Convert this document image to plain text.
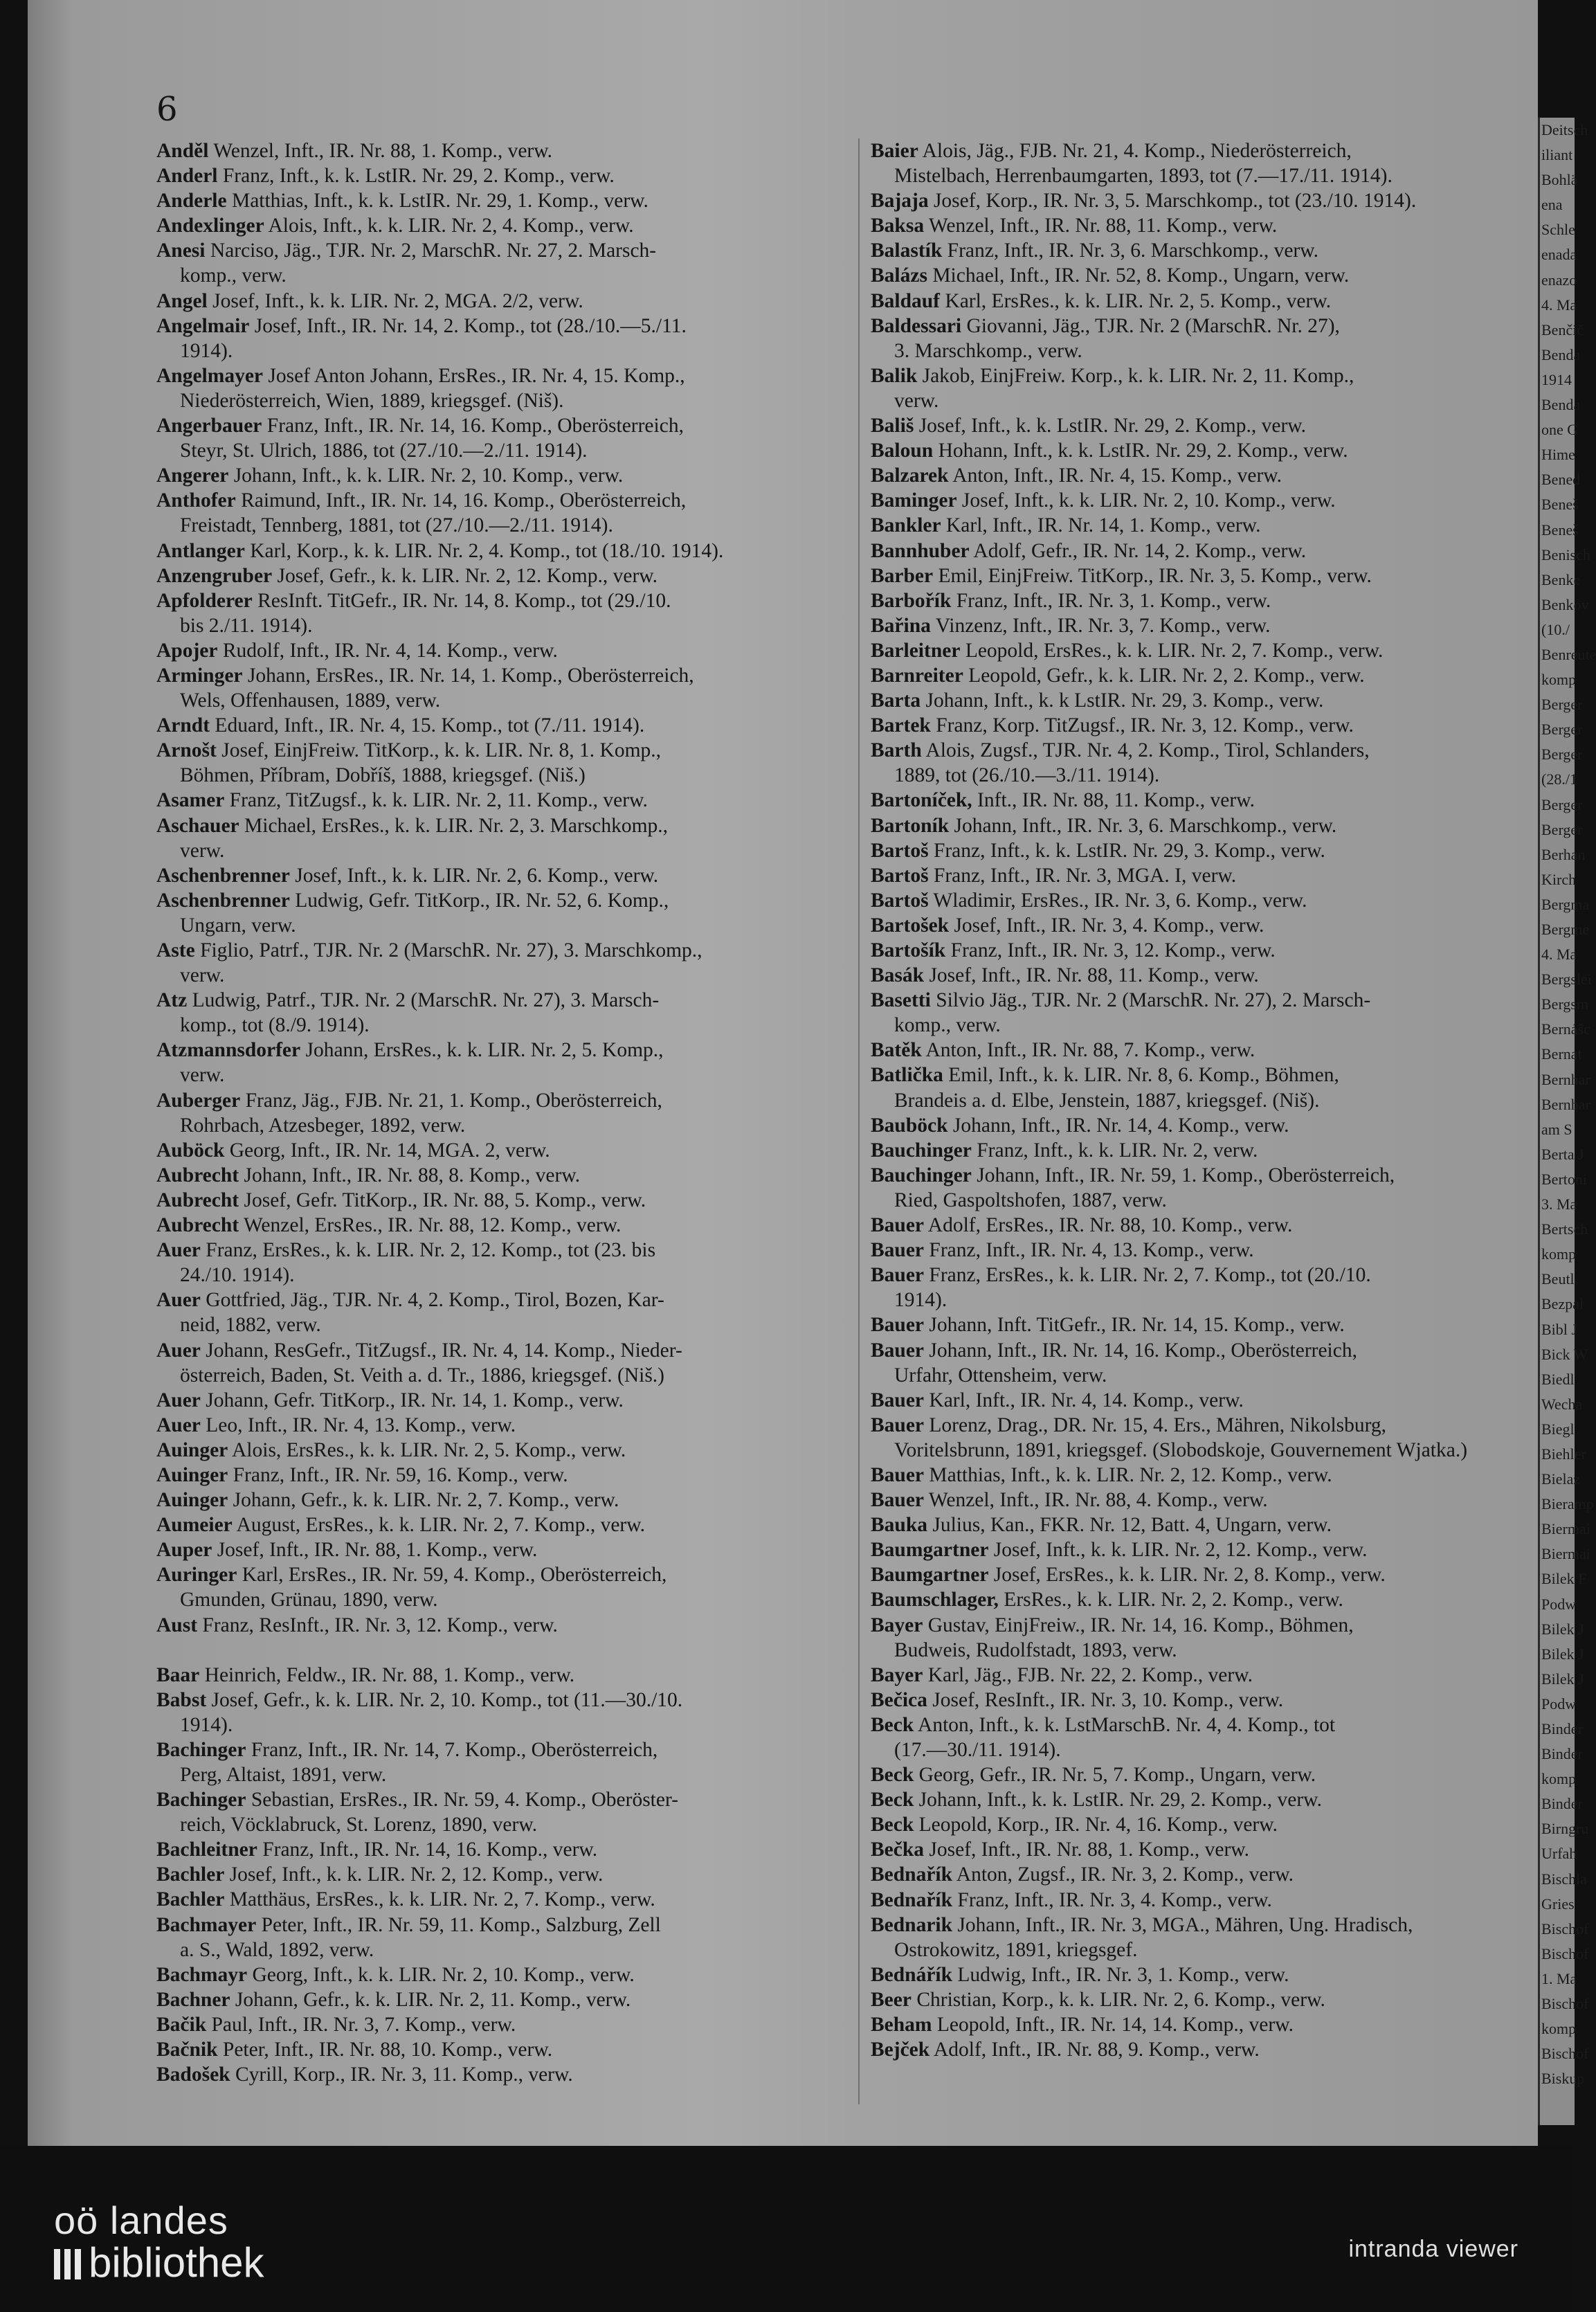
6
Anděl Wenzel, Inft., IR. Nr. 88, 1. Komp., verw.
Anderl Franz, Inft., k. k. LstIR. Nr. 29, 2. Komp., verw.
Anderle Matthias, Inft., k. k. LstIR. Nr. 29, 1. Komp., verw.
Andexlinger Alois, Inft., k. k. LIR. Nr. 2, 4. Komp., verw.
Anesi Narciso, Jäg., TJR. Nr. 2, MarschR. Nr. 27, 2. Marsch-
komp., verw.
Angel Josef, Inft., k. k. LIR. Nr. 2, MGA. 2/2, verw.
Angelmair Josef, Inft., IR. Nr. 14, 2. Komp., tot (28./10.—5./11.
1914).
Angelmayer Josef Anton Johann, ErsRes., IR. Nr. 4, 15. Komp.,
Niederösterreich, Wien, 1889, kriegsgef. (Niš).
Angerbauer Franz, Inft., IR. Nr. 14, 16. Komp., Oberösterreich,
Steyr, St. Ulrich, 1886, tot (27./10.—2./11. 1914).
Angerer Johann, Inft., k. k. LIR. Nr. 2, 10. Komp., verw.
Anthofer Raimund, Inft., IR. Nr. 14, 16. Komp., Oberösterreich,
Freistadt, Tennberg, 1881, tot (27./10.—2./11. 1914).
Antlanger Karl, Korp., k. k. LIR. Nr. 2, 4. Komp., tot (18./10. 1914).
Anzengruber Josef, Gefr., k. k. LIR. Nr. 2, 12. Komp., verw.
Apfolderer ResInft. TitGefr., IR. Nr. 14, 8. Komp., tot (29./10.
bis 2./11. 1914).
Apojer Rudolf, Inft., IR. Nr. 4, 14. Komp., verw.
Arminger Johann, ErsRes., IR. Nr. 14, 1. Komp., Oberösterreich,
Wels, Offenhausen, 1889, verw.
Arndt Eduard, Inft., IR. Nr. 4, 15. Komp., tot (7./11. 1914).
Arnošt Josef, EinjFreiw. TitKorp., k. k. LIR. Nr. 8, 1. Komp.,
Böhmen, Příbram, Dobříš, 1888, kriegsgef. (Niš.)
Asamer Franz, TitZugsf., k. k. LIR. Nr. 2, 11. Komp., verw.
Aschauer Michael, ErsRes., k. k. LIR. Nr. 2, 3. Marschkomp.,
verw.
Aschenbrenner Josef, Inft., k. k. LIR. Nr. 2, 6. Komp., verw.
Aschenbrenner Ludwig, Gefr. TitKorp., IR. Nr. 52, 6. Komp.,
Ungarn, verw.
Aste Figlio, Patrf., TJR. Nr. 2 (MarschR. Nr. 27), 3. Marschkomp.,
verw.
Atz Ludwig, Patrf., TJR. Nr. 2 (MarschR. Nr. 27), 3. Marsch-
komp., tot (8./9. 1914).
Atzmannsdorfer Johann, ErsRes., k. k. LIR. Nr. 2, 5. Komp.,
verw.
Auberger Franz, Jäg., FJB. Nr. 21, 1. Komp., Oberösterreich,
Rohrbach, Atzesbeger, 1892, verw.
Auböck Georg, Inft., IR. Nr. 14, MGA. 2, verw.
Aubrecht Johann, Inft., IR. Nr. 88, 8. Komp., verw.
Aubrecht Josef, Gefr. TitKorp., IR. Nr. 88, 5. Komp., verw.
Aubrecht Wenzel, ErsRes., IR. Nr. 88, 12. Komp., verw.
Auer Franz, ErsRes., k. k. LIR. Nr. 2, 12. Komp., tot (23. bis
24./10. 1914).
Auer Gottfried, Jäg., TJR. Nr. 4, 2. Komp., Tirol, Bozen, Kar-
neid, 1882, verw.
Auer Johann, ResGefr., TitZugsf., IR. Nr. 4, 14. Komp., Nieder-
österreich, Baden, St. Veith a. d. Tr., 1886, kriegsgef. (Niš.)
Auer Johann, Gefr. TitKorp., IR. Nr. 14, 1. Komp., verw.
Auer Leo, Inft., IR. Nr. 4, 13. Komp., verw.
Auinger Alois, ErsRes., k. k. LIR. Nr. 2, 5. Komp., verw.
Auinger Franz, Inft., IR. Nr. 59, 16. Komp., verw.
Auinger Johann, Gefr., k. k. LIR. Nr. 2, 7. Komp., verw.
Aumeier August, ErsRes., k. k. LIR. Nr. 2, 7. Komp., verw.
Auper Josef, Inft., IR. Nr. 88, 1. Komp., verw.
Auringer Karl, ErsRes., IR. Nr. 59, 4. Komp., Oberösterreich,
Gmunden, Grünau, 1890, verw.
Aust Franz, ResInft., IR. Nr. 3, 12. Komp., verw.
Baar Heinrich, Feldw., IR. Nr. 88, 1. Komp., verw.
Babst Josef, Gefr., k. k. LIR. Nr. 2, 10. Komp., tot (11.—30./10.
1914).
Bachinger Franz, Inft., IR. Nr. 14, 7. Komp., Oberösterreich,
Perg, Altaist, 1891, verw.
Bachinger Sebastian, ErsRes., IR. Nr. 59, 4. Komp., Oberöster-
reich, Vöcklabruck, St. Lorenz, 1890, verw.
Bachleitner Franz, Inft., IR. Nr. 14, 16. Komp., verw.
Bachler Josef, Inft., k. k. LIR. Nr. 2, 12. Komp., verw.
Bachler Matthäus, ErsRes., k. k. LIR. Nr. 2, 7. Komp., verw.
Bachmayer Peter, Inft., IR. Nr. 59, 11. Komp., Salzburg, Zell
a. S., Wald, 1892, verw.
Bachmayr Georg, Inft., k. k. LIR. Nr. 2, 10. Komp., verw.
Bachner Johann, Gefr., k. k. LIR. Nr. 2, 11. Komp., verw.
Bačik Paul, Inft., IR. Nr. 3, 7. Komp., verw.
Bačnik Peter, Inft., IR. Nr. 88, 10. Komp., verw.
Badošek Cyrill, Korp., IR. Nr. 3, 11. Komp., verw.
Baier Alois, Jäg., FJB. Nr. 21, 4. Komp., Niederösterreich,
Mistelbach, Herrenbaumgarten, 1893, tot (7.—17./11. 1914).
Bajaja Josef, Korp., IR. Nr. 3, 5. Marschkomp., tot (23./10. 1914).
Baksa Wenzel, Inft., IR. Nr. 88, 11. Komp., verw.
Balastík Franz, Inft., IR. Nr. 3, 6. Marschkomp., verw.
Balázs Michael, Inft., IR. Nr. 52, 8. Komp., Ungarn, verw.
Baldauf Karl, ErsRes., k. k. LIR. Nr. 2, 5. Komp., verw.
Baldessari Giovanni, Jäg., TJR. Nr. 2 (MarschR. Nr. 27),
3. Marschkomp., verw.
Balik Jakob, EinjFreiw. Korp., k. k. LIR. Nr. 2, 11. Komp.,
verw.
Bališ Josef, Inft., k. k. LstIR. Nr. 29, 2. Komp., verw.
Baloun Hohann, Inft., k. k. LstIR. Nr. 29, 2. Komp., verw.
Balzarek Anton, Inft., IR. Nr. 4, 15. Komp., verw.
Baminger Josef, Inft., k. k. LIR. Nr. 2, 10. Komp., verw.
Bankler Karl, Inft., IR. Nr. 14, 1. Komp., verw.
Bannhuber Adolf, Gefr., IR. Nr. 14, 2. Komp., verw.
Barber Emil, EinjFreiw. TitKorp., IR. Nr. 3, 5. Komp., verw.
Barbořík Franz, Inft., IR. Nr. 3, 1. Komp., verw.
Bařina Vinzenz, Inft., IR. Nr. 3, 7. Komp., verw.
Barleitner Leopold, ErsRes., k. k. LIR. Nr. 2, 7. Komp., verw.
Barnreiter Leopold, Gefr., k. k. LIR. Nr. 2, 2. Komp., verw.
Barta Johann, Inft., k. k LstIR. Nr. 29, 3. Komp., verw.
Bartek Franz, Korp. TitZugsf., IR. Nr. 3, 12. Komp., verw.
Barth Alois, Zugsf., TJR. Nr. 4, 2. Komp., Tirol, Schlanders,
1889, tot (26./10.—3./11. 1914).
Bartoníček, Inft., IR. Nr. 88, 11. Komp., verw.
Bartoník Johann, Inft., IR. Nr. 3, 6. Marschkomp., verw.
Bartoš Franz, Inft., k. k. LstIR. Nr. 29, 3. Komp., verw.
Bartoš Franz, Inft., IR. Nr. 3, MGA. I, verw.
Bartoš Wladimir, ErsRes., IR. Nr. 3, 6. Komp., verw.
Bartošek Josef, Inft., IR. Nr. 3, 4. Komp., verw.
Bartošík Franz, Inft., IR. Nr. 3, 12. Komp., verw.
Basák Josef, Inft., IR. Nr. 88, 11. Komp., verw.
Basetti Silvio Jäg., TJR. Nr. 2 (MarschR. Nr. 27), 2. Marsch-
komp., verw.
Batěk Anton, Inft., IR. Nr. 88, 7. Komp., verw.
Batlička Emil, Inft., k. k. LIR. Nr. 8, 6. Komp., Böhmen,
Brandeis a. d. Elbe, Jenstein, 1887, kriegsgef. (Niš).
Bauböck Johann, Inft., IR. Nr. 14, 4. Komp., verw.
Bauchinger Franz, Inft., k. k. LIR. Nr. 2, verw.
Bauchinger Johann, Inft., IR. Nr. 59, 1. Komp., Oberösterreich,
Ried, Gaspoltshofen, 1887, verw.
Bauer Adolf, ErsRes., IR. Nr. 88, 10. Komp., verw.
Bauer Franz, Inft., IR. Nr. 4, 13. Komp., verw.
Bauer Franz, ErsRes., k. k. LIR. Nr. 2, 7. Komp., tot (20./10.
1914).
Bauer Johann, Inft. TitGefr., IR. Nr. 14, 15. Komp., verw.
Bauer Johann, Inft., IR. Nr. 14, 16. Komp., Oberösterreich,
Urfahr, Ottensheim, verw.
Bauer Karl, Inft., IR. Nr. 4, 14. Komp., verw.
Bauer Lorenz, Drag., DR. Nr. 15, 4. Ers., Mähren, Nikolsburg,
Voritelsbrunn, 1891, kriegsgef. (Slobodskoje, Gouvernement Wjatka.)
Bauer Matthias, Inft., k. k. LIR. Nr. 2, 12. Komp., verw.
Bauer Wenzel, Inft., IR. Nr. 88, 4. Komp., verw.
Bauka Julius, Kan., FKR. Nr. 12, Batt. 4, Ungarn, verw.
Baumgartner Josef, Inft., k. k. LIR. Nr. 2, 12. Komp., verw.
Baumgartner Josef, ErsRes., k. k. LIR. Nr. 2, 8. Komp., verw.
Baumschlager, ErsRes., k. k. LIR. Nr. 2, 2. Komp., verw.
Bayer Gustav, EinjFreiw., IR. Nr. 14, 16. Komp., Böhmen,
Budweis, Rudolfstadt, 1893, verw.
Bayer Karl, Jäg., FJB. Nr. 22, 2. Komp., verw.
Bečica Josef, ResInft., IR. Nr. 3, 10. Komp., verw.
Beck Anton, Inft., k. k. LstMarschB. Nr. 4, 4. Komp., tot
(17.—30./11. 1914).
Beck Georg, Gefr., IR. Nr. 5, 7. Komp., Ungarn, verw.
Beck Johann, Inft., k. k. LstIR. Nr. 29, 2. Komp., verw.
Beck Leopold, Korp., IR. Nr. 4, 16. Komp., verw.
Bečka Josef, Inft., IR. Nr. 88, 1. Komp., verw.
Bednařík Anton, Zugsf., IR. Nr. 3, 2. Komp., verw.
Bednařík Franz, Inft., IR. Nr. 3, 4. Komp., verw.
Bednarik Johann, Inft., IR. Nr. 3, MGA., Mähren, Ung. Hradisch,
Ostrokowitz, 1891, kriegsgef.
Bednářík Ludwig, Inft., IR. Nr. 3, 1. Komp., verw.
Beer Christian, Korp., k. k. LIR. Nr. 2, 6. Komp., verw.
Beham Leopold, Inft., IR. Nr. 14, 14. Komp., verw.
Bejček Adolf, Inft., IR. Nr. 88, 9. Komp., verw.
Deitsch
iliant
Bohlä
ena
Schle
enada
enazo
4. Ma
Benčič
Benda
1914
Benda
one G
Hime
Bened
Beneš
Beneš
Benisch
Benke
Benkov
(10./
Benreute
komp
Berger
Berger
Berger
(28./1
Berger
Berger
Berhan
Kirch
Bergma
Bergme
4. Ma
Bergslei
Bergsm
Bernášc
Bernat
Bernhar
Bernhar
am S
Berta J
Bertoni
3. Ma
Bertsch
komp
Beutl
Bezpal
Bibl J
Bick W
Biedl
Wecha
Biegl
Biehler
Bielaz
Bieramp
Biermai
Biermai
Bilek F
Podw
Bilek J
Bilek J
Bilek J
Podw
Binder
Binder
komp
Binder
Birngru
Urfah
Bischla
Gries
Bischof
Bischof
1. Ma
Bischof
komp
Bischof
Biskup
oö landes
bibliothek	intranda viewer
